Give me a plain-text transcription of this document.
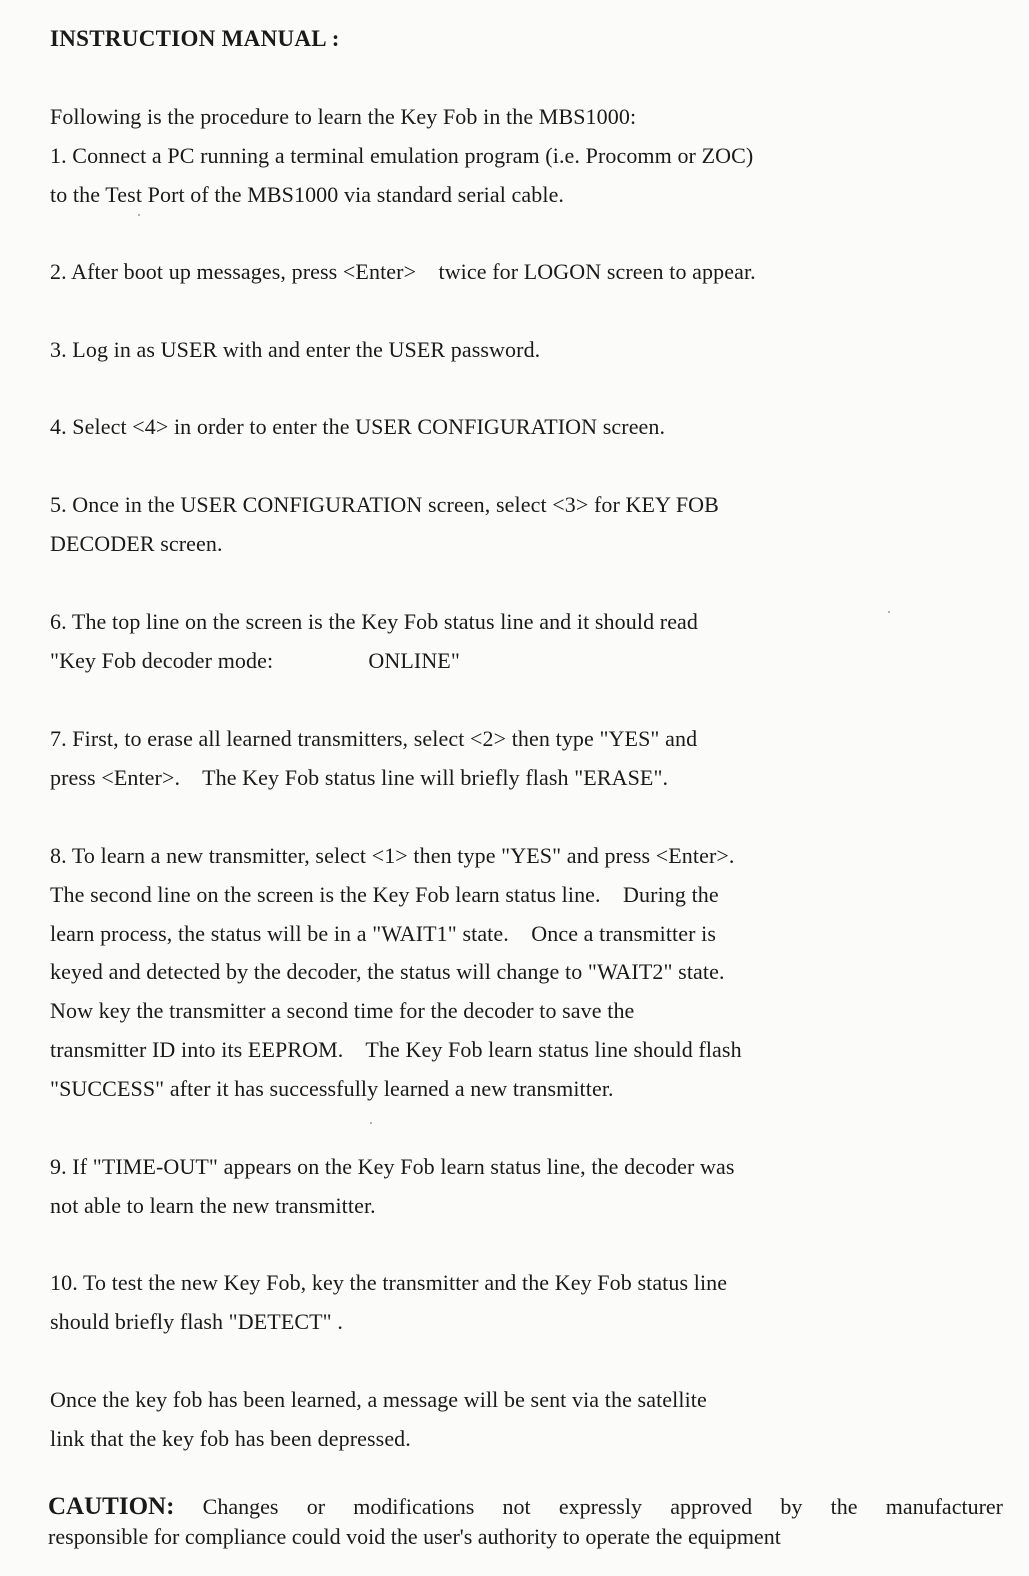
INSTRUCTION MANUAL :
Following is the procedure to learn the Key Fob in the MBS1000:
1. Connect a PC running a terminal emulation program (i.e. Procomm or ZOC)
to the Test Port of the MBS1000 via standard serial cable.
2. After boot up messages, press <Enter>    twice for LOGON screen to appear.
3. Log in as USER with and enter the USER password.
4. Select <4> in order to enter the USER CONFIGURATION screen.
5. Once in the USER CONFIGURATION screen, select <3> for KEY FOB
DECODER screen.
6. The top line on the screen is the Key Fob status line and it should read
"Key Fob decoder mode:                 ONLINE"
7. First, to erase all learned transmitters, select <2> then type "YES" and
press <Enter>.    The Key Fob status line will briefly flash "ERASE".
8. To learn a new transmitter, select <1> then type "YES" and press <Enter>.
The second line on the screen is the Key Fob learn status line.    During the
learn process, the status will be in a "WAIT1" state.    Once a transmitter is
keyed and detected by the decoder, the status will change to "WAIT2" state.
Now key the transmitter a second time for the decoder to save the
transmitter ID into its EEPROM.    The Key Fob learn status line should flash
"SUCCESS" after it has successfully learned a new transmitter.
9. If "TIME-OUT" appears on the Key Fob learn status line, the decoder was
not able to learn the new transmitter.
10. To test the new Key Fob, key the transmitter and the Key Fob status line
should briefly flash "DETECT" .
Once the key fob has been learned, a message will be sent via the satellite
link that the key fob has been depressed.
CAUTION: Changes or modifications not expressly approved by the manufacturer
responsible for compliance could void the user's authority to operate the equipment
